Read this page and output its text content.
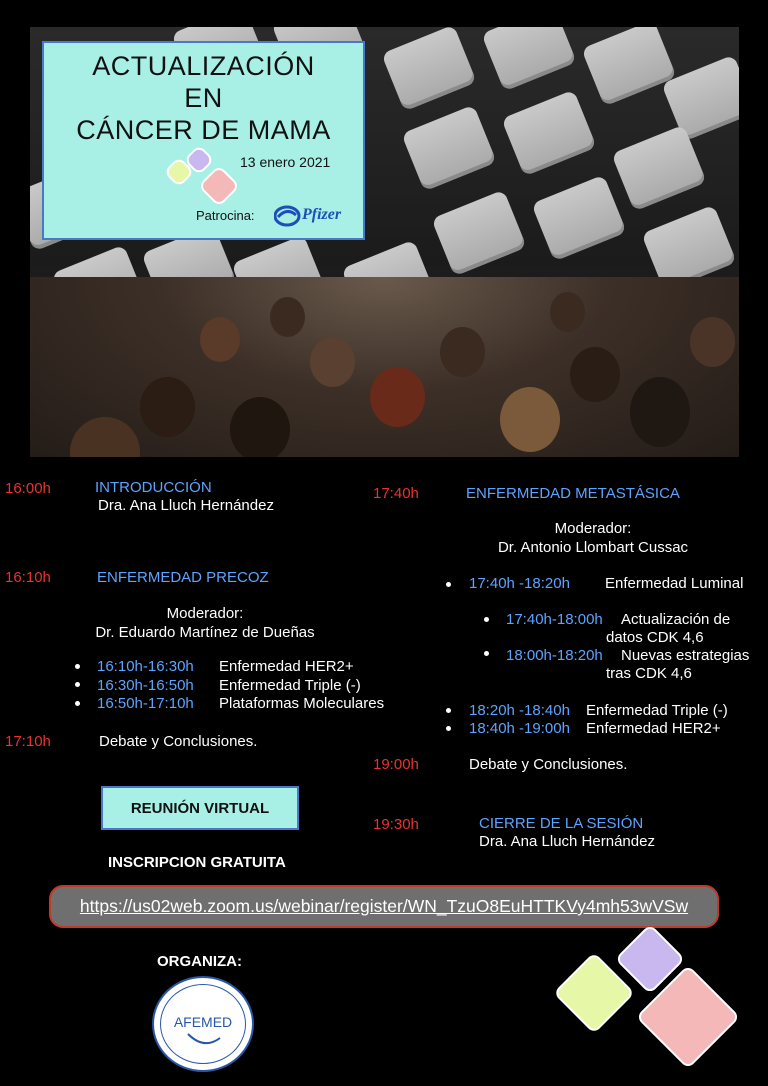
ACTUALIZACIÓN
EN
CÁNCER DE MAMA
13 enero 2021
Patrocina:	Pfizer
16:00h	INTRODUCCIÓN
Dra. Ana Lluch Hernández
16:10h	ENFERMEDAD PRECOZ
Moderador:
Dr. Eduardo Martínez de Dueñas
16:10h-16:30h Enfermedad HER2+
16:30h-16:50h Enfermedad Triple (-)
16:50h-17:10h Plataformas Moleculares
17:10h	Debate y Conclusiones.
17:40h	ENFERMEDAD METASTÁSICA
Moderador:
Dr. Antonio Llombart Cussac
17:40h -18:20h Enfermedad Luminal
17:40h-18:00h Actualización de
datos CDK 4,6
18:00h-18:20h Nuevas estrategias
tras CDK 4,6
18:20h -18:40h Enfermedad Triple (-)
18:40h -19:00h Enfermedad HER2+
19:00h	Debate y Conclusiones.
19:30h	CIERRE DE LA SESIÓN
Dra. Ana Lluch Hernández
REUNIÓN VIRTUAL
INSCRIPCION GRATUITA
https://us02web.zoom.us/webinar/register/WN_TzuO8EuHTTKVy4mh53wVSw
ORGANIZA:
AFEMED
